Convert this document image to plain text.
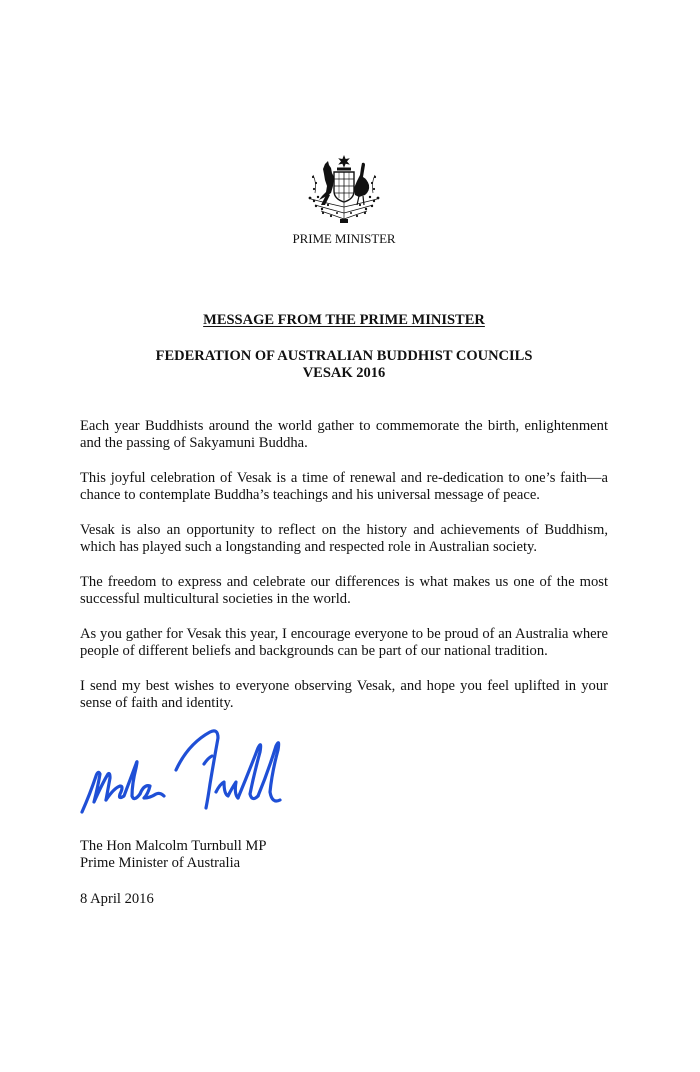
PRIME MINISTER
MESSAGE FROM THE PRIME MINISTER
FEDERATION OF AUSTRALIAN BUDDHIST COUNCILS
VESAK 2016

Each year Buddhists around the world gather to commemorate the birth, enlightenment and the passing of Sakyamuni Buddha.

This joyful celebration of Vesak is a time of renewal and re-dedication to one’s faith—a chance to contemplate Buddha’s teachings and his universal message of peace.

Vesak is also an opportunity to reflect on the history and achievements of Buddhism, which has played such a longstanding and respected role in Australian society.

The freedom to express and celebrate our differences is what makes us one of the most successful multicultural societies in the world.

As you gather for Vesak this year, I encourage everyone to be proud of an Australia where people of different beliefs and backgrounds can be part of our national tradition.

I send my best wishes to everyone observing Vesak, and hope you feel uplifted in your sense of faith and identity.

The Hon Malcolm Turnbull MP
Prime Minister of Australia
8 April 2016
